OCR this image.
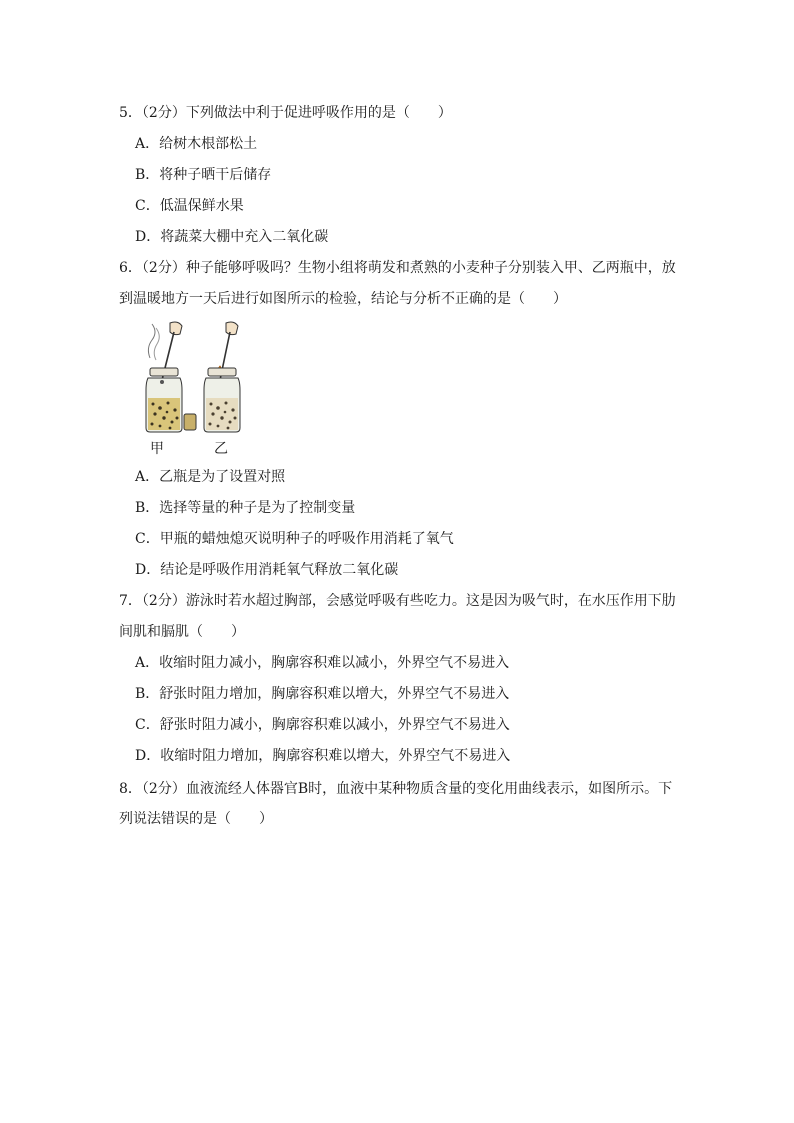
5．（2分）下列做法中利于促进呼吸作用的是（　　）
A．给树木根部松土
B．将种子晒干后储存
C．低温保鲜水果
D．将蔬菜大棚中充入二氧化碳
6．（2分）种子能够呼吸吗？生物小组将萌发和煮熟的小麦种子分别装入甲、乙两瓶中，放
到温暖地方一天后进行如图所示的检验，结论与分析不正确的是（　　）
甲	乙
A．乙瓶是为了设置对照
B．选择等量的种子是为了控制变量
C．甲瓶的蜡烛熄灭说明种子的呼吸作用消耗了氧气
D．结论是呼吸作用消耗氧气释放二氧化碳
7．（2分）游泳时若水超过胸部，会感觉呼吸有些吃力。这是因为吸气时，在水压作用下肋
间肌和膈肌（　　）
A．收缩时阻力减小，胸廓容积难以减小，外界空气不易进入
B．舒张时阻力增加，胸廓容积难以增大，外界空气不易进入
C．舒张时阻力减小，胸廓容积难以减小，外界空气不易进入
D．收缩时阻力增加，胸廓容积难以增大，外界空气不易进入
8．（2分）血液流经人体器官B时，血液中某种物质含量的变化用曲线表示，如图所示。下
列说法错误的是（　　）
